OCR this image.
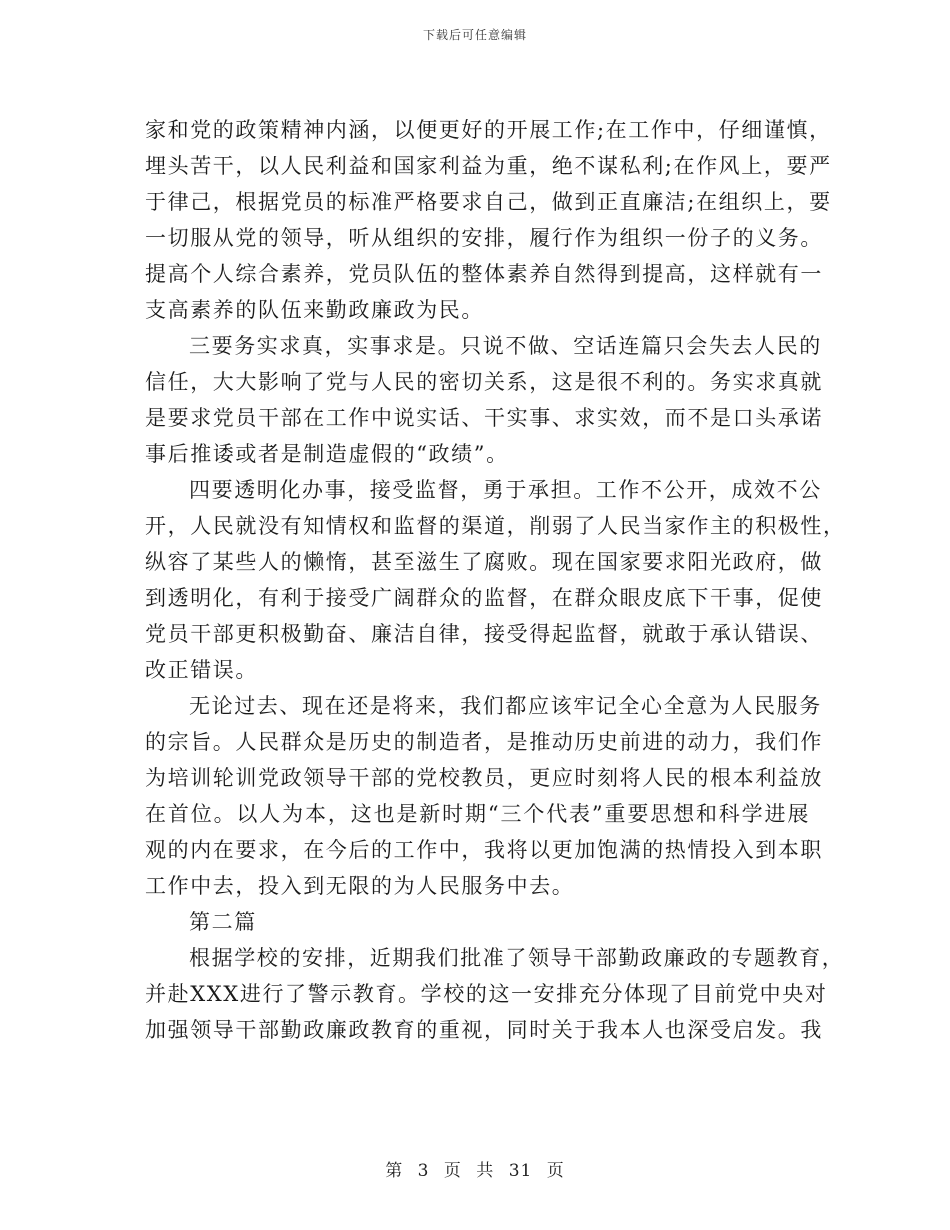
下载后可任意编辑
家和党的政策精神内涵，以便更好的开展工作;在工作中，仔细谨慎，
埋头苦干，以人民利益和国家利益为重，绝不谋私利;在作风上，要严
于律己，根据党员的标准严格要求自己，做到正直廉洁;在组织上，要
一切服从党的领导，听从组织的安排，履行作为组织一份子的义务。
提高个人综合素养，党员队伍的整体素养自然得到提高，这样就有一
支高素养的队伍来勤政廉政为民。
三要务实求真，实事求是。只说不做、空话连篇只会失去人民的
信任，大大影响了党与人民的密切关系，这是很不利的。务实求真就
是要求党员干部在工作中说实话、干实事、求实效，而不是口头承诺
事后推诿或者是制造虚假的“政绩”。
四要透明化办事，接受监督，勇于承担。工作不公开，成效不公
开，人民就没有知情权和监督的渠道，削弱了人民当家作主的积极性，
纵容了某些人的懒惰，甚至滋生了腐败。现在国家要求阳光政府，做
到透明化，有利于接受广阔群众的监督，在群众眼皮底下干事，促使
党员干部更积极勤奋、廉洁自律，接受得起监督，就敢于承认错误、
改正错误。
无论过去、现在还是将来，我们都应该牢记全心全意为人民服务
的宗旨。人民群众是历史的制造者，是推动历史前进的动力，我们作
为培训轮训党政领导干部的党校教员，更应时刻将人民的根本利益放
在首位。以人为本，这也是新时期“三个代表”重要思想和科学进展
观的内在要求，在今后的工作中，我将以更加饱满的热情投入到本职
工作中去，投入到无限的为人民服务中去。
第二篇
根据学校的安排，近期我们批准了领导干部勤政廉政的专题教育，
并赴XXX进行了警示教育。学校的这一安排充分体现了目前党中央对
加强领导干部勤政廉政教育的重视，同时关于我本人也深受启发。我
第 3 页 共 31 页
